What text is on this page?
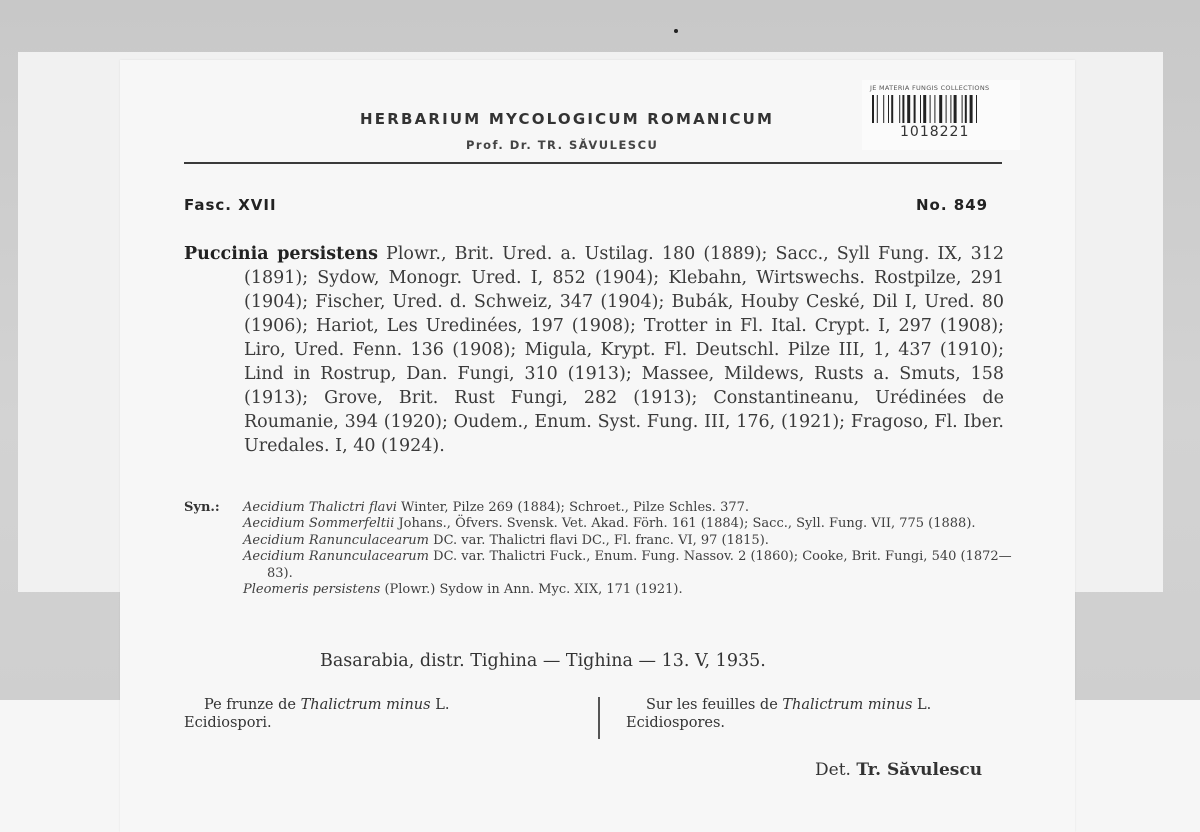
HERBARIUM MYCOLOGICUM ROMANICUM
Prof. Dr. TR. SĂVULESCU
JE MATERIA FUNGIS COLLECTIONS
1018221
Fasc. XVII	No. 849

Puccinia persistens Plowr., Brit. Ured. a. Ustilag. 180 (1889); Sacc., Syll Fung. IX, 312 (1891); Sydow, Monogr. Ured. I, 852 (1904); Klebahn, Wirtswechs. Rostpilze, 291 (1904); Fischer, Ured. d. Schweiz, 347 (1904); Bubák, Houby Ceské, Dil I, Ured. 80 (1906); Hariot, Les Uredinées, 197 (1908); Trotter in Fl. Ital. Crypt. I, 297 (1908); Liro, Ured. Fenn. 136 (1908); Migula, Krypt. Fl. Deutschl. Pilze III, 1, 437 (1910); Lind in Rostrup, Dan. Fungi, 310 (1913); Massee, Mildews, Rusts a. Smuts, 158 (1913); Grove, Brit. Rust Fungi, 282 (1913); Constantineanu, Urédinées de Roumanie, 394 (1920); Oudem., Enum. Syst. Fung. III, 176, (1921); Fragoso, Fl. Iber. Uredales. I, 40 (1924).

Syn.: Aecidium Thalictri flavi Winter, Pilze 269 (1884); Schroet., Pilze Schles. 377.

Aecidium Sommerfeltii Johans., Öfvers. Svensk. Vet. Akad. Förh. 161 (1884); Sacc., Syll. Fung. VII, 775 (1888).

Aecidium Ranunculacearum DC. var. Thalictri flavi DC., Fl. franc. VI, 97 (1815).

Aecidium Ranunculacearum DC. var. Thalictri Fuck., Enum. Fung. Nassov. 2 (1860); Cooke, Brit. Fungi, 540 (1872—83).

Pleomeris persistens (Plowr.) Sydow in Ann. Myc. XIX, 171 (1921).

Basarabia, distr. Tighina — Tighina — 13. V, 1935.
Pe frunze de Thalictrum minus L.
Ecidiospori.
Sur les feuilles de Thalictrum minus L.
Ecidiospores.
Det. Tr. Săvulescu
